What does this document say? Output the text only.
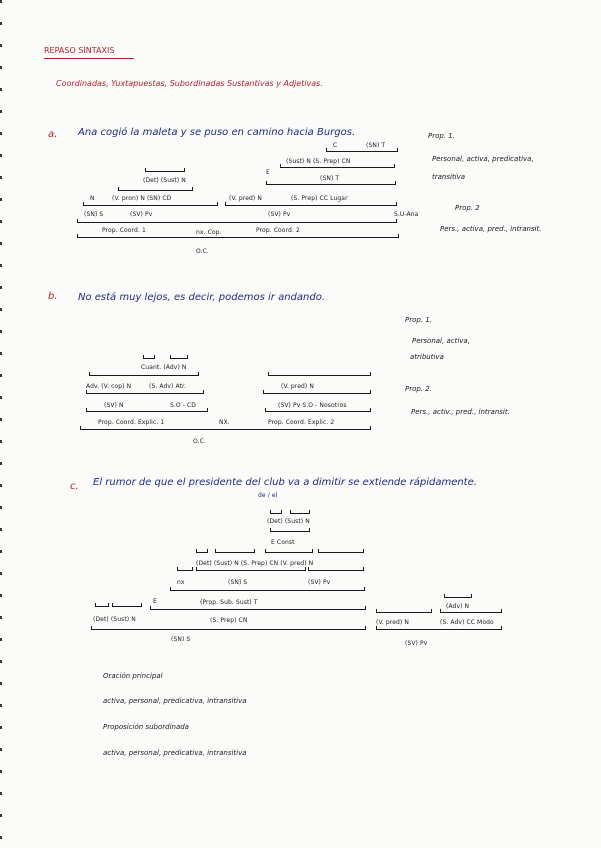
REPASO SINTAXIS
Coordinadas, Yuxtapuestas, Subordinadas Sustantivas y Adjetivas.
a. Ana cogió la maleta y se puso en camino hacia Burgos.
C	(SN) T
(Sust) N (S. Prep) CN
E
(SN) T
(Det) (Sust) N
N	(V. pron) N (SN) CD	(V. pred) N	(S. Prep) CC Lugar
(SN) S	(SV) Pv	(SV) Pv	S.U-Ana
Prop. Coord. 1	nx. Cop.	Prop. Coord. 2
O.C.
Prop. 1.
Personal, activa, predicativa,
transitiva
Prop. 2
Pers., activa, pred., intransit.
b. No está muy lejos, es decir, podemos ir andando.
Cuant. (Adv) N
Adv. (V. cop) N	(S. Adv) Atr.	(V. pred) N
(SV) N	S.O - CD	(SV) Pv S.O - Nosotros
Prop. Coord. Explic. 1	NX.	Prop. Coord. Explic. 2
O.C.
Prop. 1.
Personal, activa,
atributiva
Prop. 2.
Pers., activ., pred., intransit.
c. El rumor de que el presidente del club va a dimitir se extiende rápidamente.
de / el
(Det) (Sust) N
E Const
(Det) (Sust) N (S. Prep) CN (V. pred) N
nx	(SN) S	(SV) Pv
E	(Prop. Sub. Sust) T
(Det) (Sust) N	(S. Prep) CN
(Adv) N
(V. pred) N	(S. Adv) CC Modo
(SN) S
(SV) Pv
Oración principal
activa, personal, predicativa, intransitiva
Proposición subordinada
activa, personal, predicativa, intransitiva
